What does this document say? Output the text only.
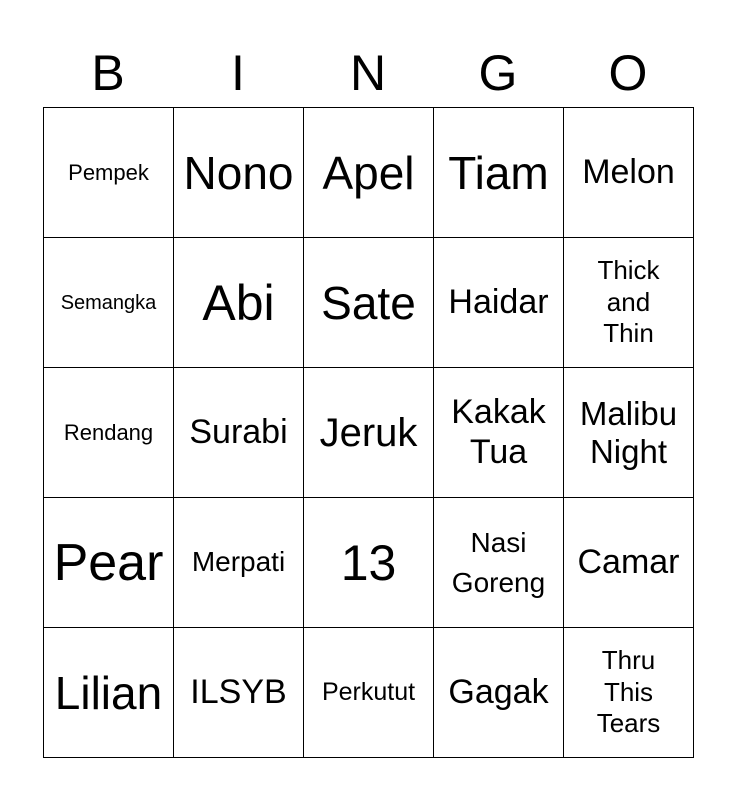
B	I	N	G	O
Pempek	Nono	Apel	Tiam	Melon
Semangka	Abi	Sate	Haidar	Thick and Thin
Rendang	Surabi	Jeruk	Kakak Tua	Malibu Night
Pear	Merpati	13	Nasi Goreng	Camar
Lilian	ILSYB	Perkutut	Gagak	Thru This Tears
